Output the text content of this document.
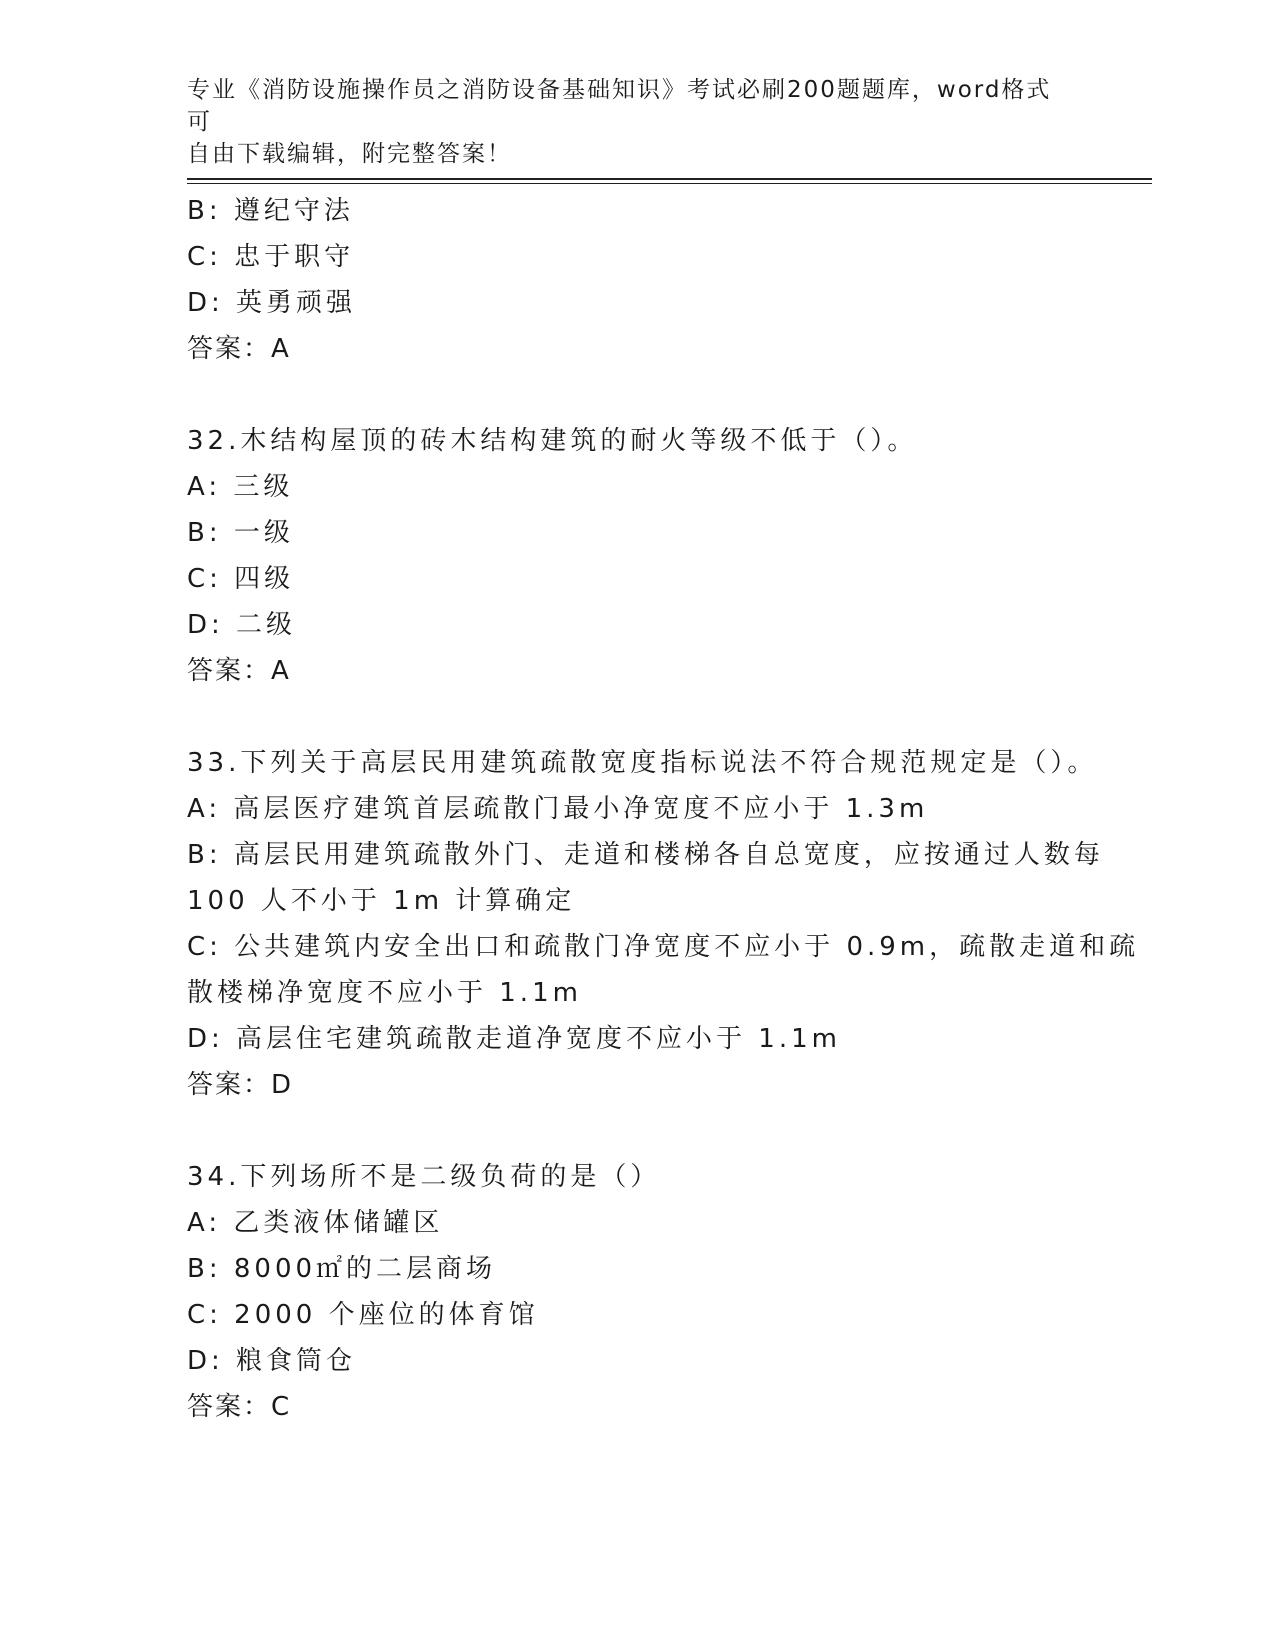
专业《消防设施操作员之消防设备基础知识》考试必刷200题题库，word格式可
自由下载编辑，附完整答案！
B: 遵纪守法
C: 忠于职守
D: 英勇顽强
答案：A
32.木结构屋顶的砖木结构建筑的耐火等级不低于（）。
A: 三级
B: 一级
C: 四级
D: 二级
答案：A
33.下列关于高层民用建筑疏散宽度指标说法不符合规范规定是（）。
A: 高层医疗建筑首层疏散门最小净宽度不应小于 1.3m
B: 高层民用建筑疏散外门、走道和楼梯各自总宽度，应按通过人数每
100 人不小于 1m 计算确定
C: 公共建筑内安全出口和疏散门净宽度不应小于 0.9m，疏散走道和疏
散楼梯净宽度不应小于 1.1m
D: 高层住宅建筑疏散走道净宽度不应小于 1.1m
答案：D
34.下列场所不是二级负荷的是（）
A: 乙类液体储罐区
B: 8000㎡的二层商场
C: 2000 个座位的体育馆
D: 粮食筒仓
答案：C
